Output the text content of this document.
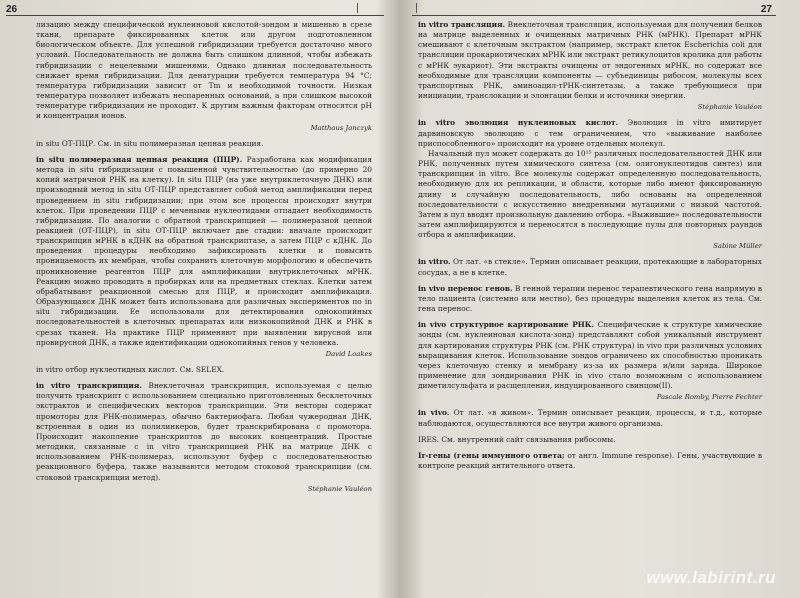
26

лизацию между специфической нуклеиновой кислотой-зондом и мишенью в срезе ткани, препарате фиксированных клеток или другом подготовленном биологическом объекте. Для успешной гибридизации требуется достаточно много условий. Последовательность не должна быть слишком длинной, чтобы избежать гибридизации с нецелевыми мишенями. Однако длинная последовательность снижает время гибридизации. Для денатурации требуется температура 94 °С; температура гибридизации зависит от Tm и необходимой точности. Низкая температура позволяет избежать неспаренных оснований, а при слишком высокой температуре гибридизация не проходит. К другим важным факторам относятся pH и концентрация ионов.

Matthaus Janczyk

in situ ОТ-ПЦР. См. in situ полимеразная цепная реакция.

in situ полимеразная цепная реакция (ПЦР). Разработана как модификация метода in situ гибридизации с повышенной чувствительностью (до примерно 20 копий матричной РНК на клетку). In situ ПЦР (на уже внутриклеточную ДНК) или производный метод in situ ОТ-ПЦР представляет собой метод амплификации перед проведением in situ гибридизации; при этом все процессы происходят внутри клеток. При проведении ПЦР с мечеными нуклеотидами отпадает необходимость гибридизации. По аналогии с обратной транскрипцией — полимеразной цепной реакцией (ОТ-ПЦР), in situ ОТ-ПЦР включает две стадии: вначале происходит транскрипция мРНК в кДНК на обратной транскриптазе, а затем ПЦР с кДНК. До проведения процедуры необходимо зафиксировать клетки и повысить проницаемость их мембран, чтобы сохранить клеточную морфологию и обеспечить проникновение реагентов ПЦР для амплификации внутриклеточных мРНК. Реакцию можно проводить в пробирках или на предметных стеклах. Клетки затем обрабатывают реакционной смесью для ПЦР, и происходит амплификация. Образующаяся ДНК может быть использована для различных экспериментов по in situ гибридизации. Ее использовали для детектирования однокопийных последовательностей в клеточных препаратах или низкокопийной ДНК и РНК в срезах тканей. На практике ПЦР применяют при выявлении вирусной или провирусной ДНК, а также идентификации однокопийных генов у человека.

David Loakes

in vitro отбор нуклеотидных кислот. См. SELEX.

in vitro транскрипция. Внеклеточная транскрипция, используемая с целью получить транскрипт с использованием специально приготовленных бесклеточных экстрактов и специфических векторов транскрипции. Эти векторы содержат промоторы для РНК-полимераз, обычно бактериофага. Любая чужеродная ДНК, встроенная в один из полилинкеров, будет транскрибирована с промотора. Происходит накопление транскриптов до высоких концентраций. Простые методики, связанные с in vitro транскрипцией РНК на матрице ДНК с использованием РНК-полимераз, используют буфер с последовательностью реакционного буфера, также называются методом стоковой транскрипции (см. стоковой транскрипции метод).

Stéphanie Vauléon
27

in vitro трансляция. Внеклеточная трансляция, используемая для получения белков на матрице выделенных и очищенных матричных РНК (мРНК). Препарат мРНК смешивают с клеточным экстрактом (например, экстракт клеток Escherichia coli для трансляции прокариотических мРНК или экстракт ретикулоцитов кролика для работы с мРНК эукариот). Эти экстракты очищены от эндогенных мРНК, но содержат все необходимые для трансляции компоненты — субъединицы рибосом, молекулы всех транспортных РНК, аминоацил-тРНК-синтетазы, а также требующиеся при инициации, транслокации и элонгации белки и источники энергии.

Stéphanie Vauléon

in vitro эволюция нуклеиновых кислот. Эволюция in vitro имитирует дарвиновскую эволюцию с тем ограничением, что «выживание наиболее приспособленного» происходит на уровне отдельных молекул.

Начальный пул может содержать до 10¹⁵ различных последовательностей ДНК или РНК, полученных путем химического синтеза (см. олигонуклеотидов синтез) или транскрипции in vitro. Все молекулы содержат определенную последовательность, необходимую для их репликации, и области, которые либо имеют фиксированную длину и случайную последовательность, либо основаны на определенной последовательности с искусственно внедренными мутациями с низкой частотой. Затем в пул вводят произвольную давлению отбора. «Выжившие» последовательности затем амплифицируются и переносятся в последующие пулы для повторных раундов отбора и амплификации.

Sabine Müller

in vitro. От лат. «в стекле». Термин описывает реакции, протекающие в лабораторных сосудах, а не в клетке.

in vivo перенос генов. В генной терапии перенос терапевтического гена напрямую в тело пациента (системно или местно), без процедуры выделения клеток из тела. См. гена перенос.

in vivo структурное картирование РНК. Специфические к структуре химические зонды (см. нуклеиновая кислота-зонд) представляют собой уникальный инструмент для картирования структуры РНК (см. РНК структура) in vivo при различных условиях выращивания клеток. Использование зондов ограничено их способностью проникать через клеточную стенку и мембрану из-за их размера и/или заряда. Широкое применение для зондирования РНК in vivo стало возможным с использованием диметилсульфата и расщепления, индуцированного свинцом(II).

Pascale Romby, Pierre Fechter

in vivo. От лат. «в живом». Термин описывает реакции, процессы, и т.д., которые наблюдаются, осуществляются все внутри живого организма.

IRES. См. внутренний сайт связывания рибосомы.

Ir-гены (гены иммунного ответа; от англ. Immune response). Гены, участвующие в контроле реакций антительного ответа.

www.labirint.ru
